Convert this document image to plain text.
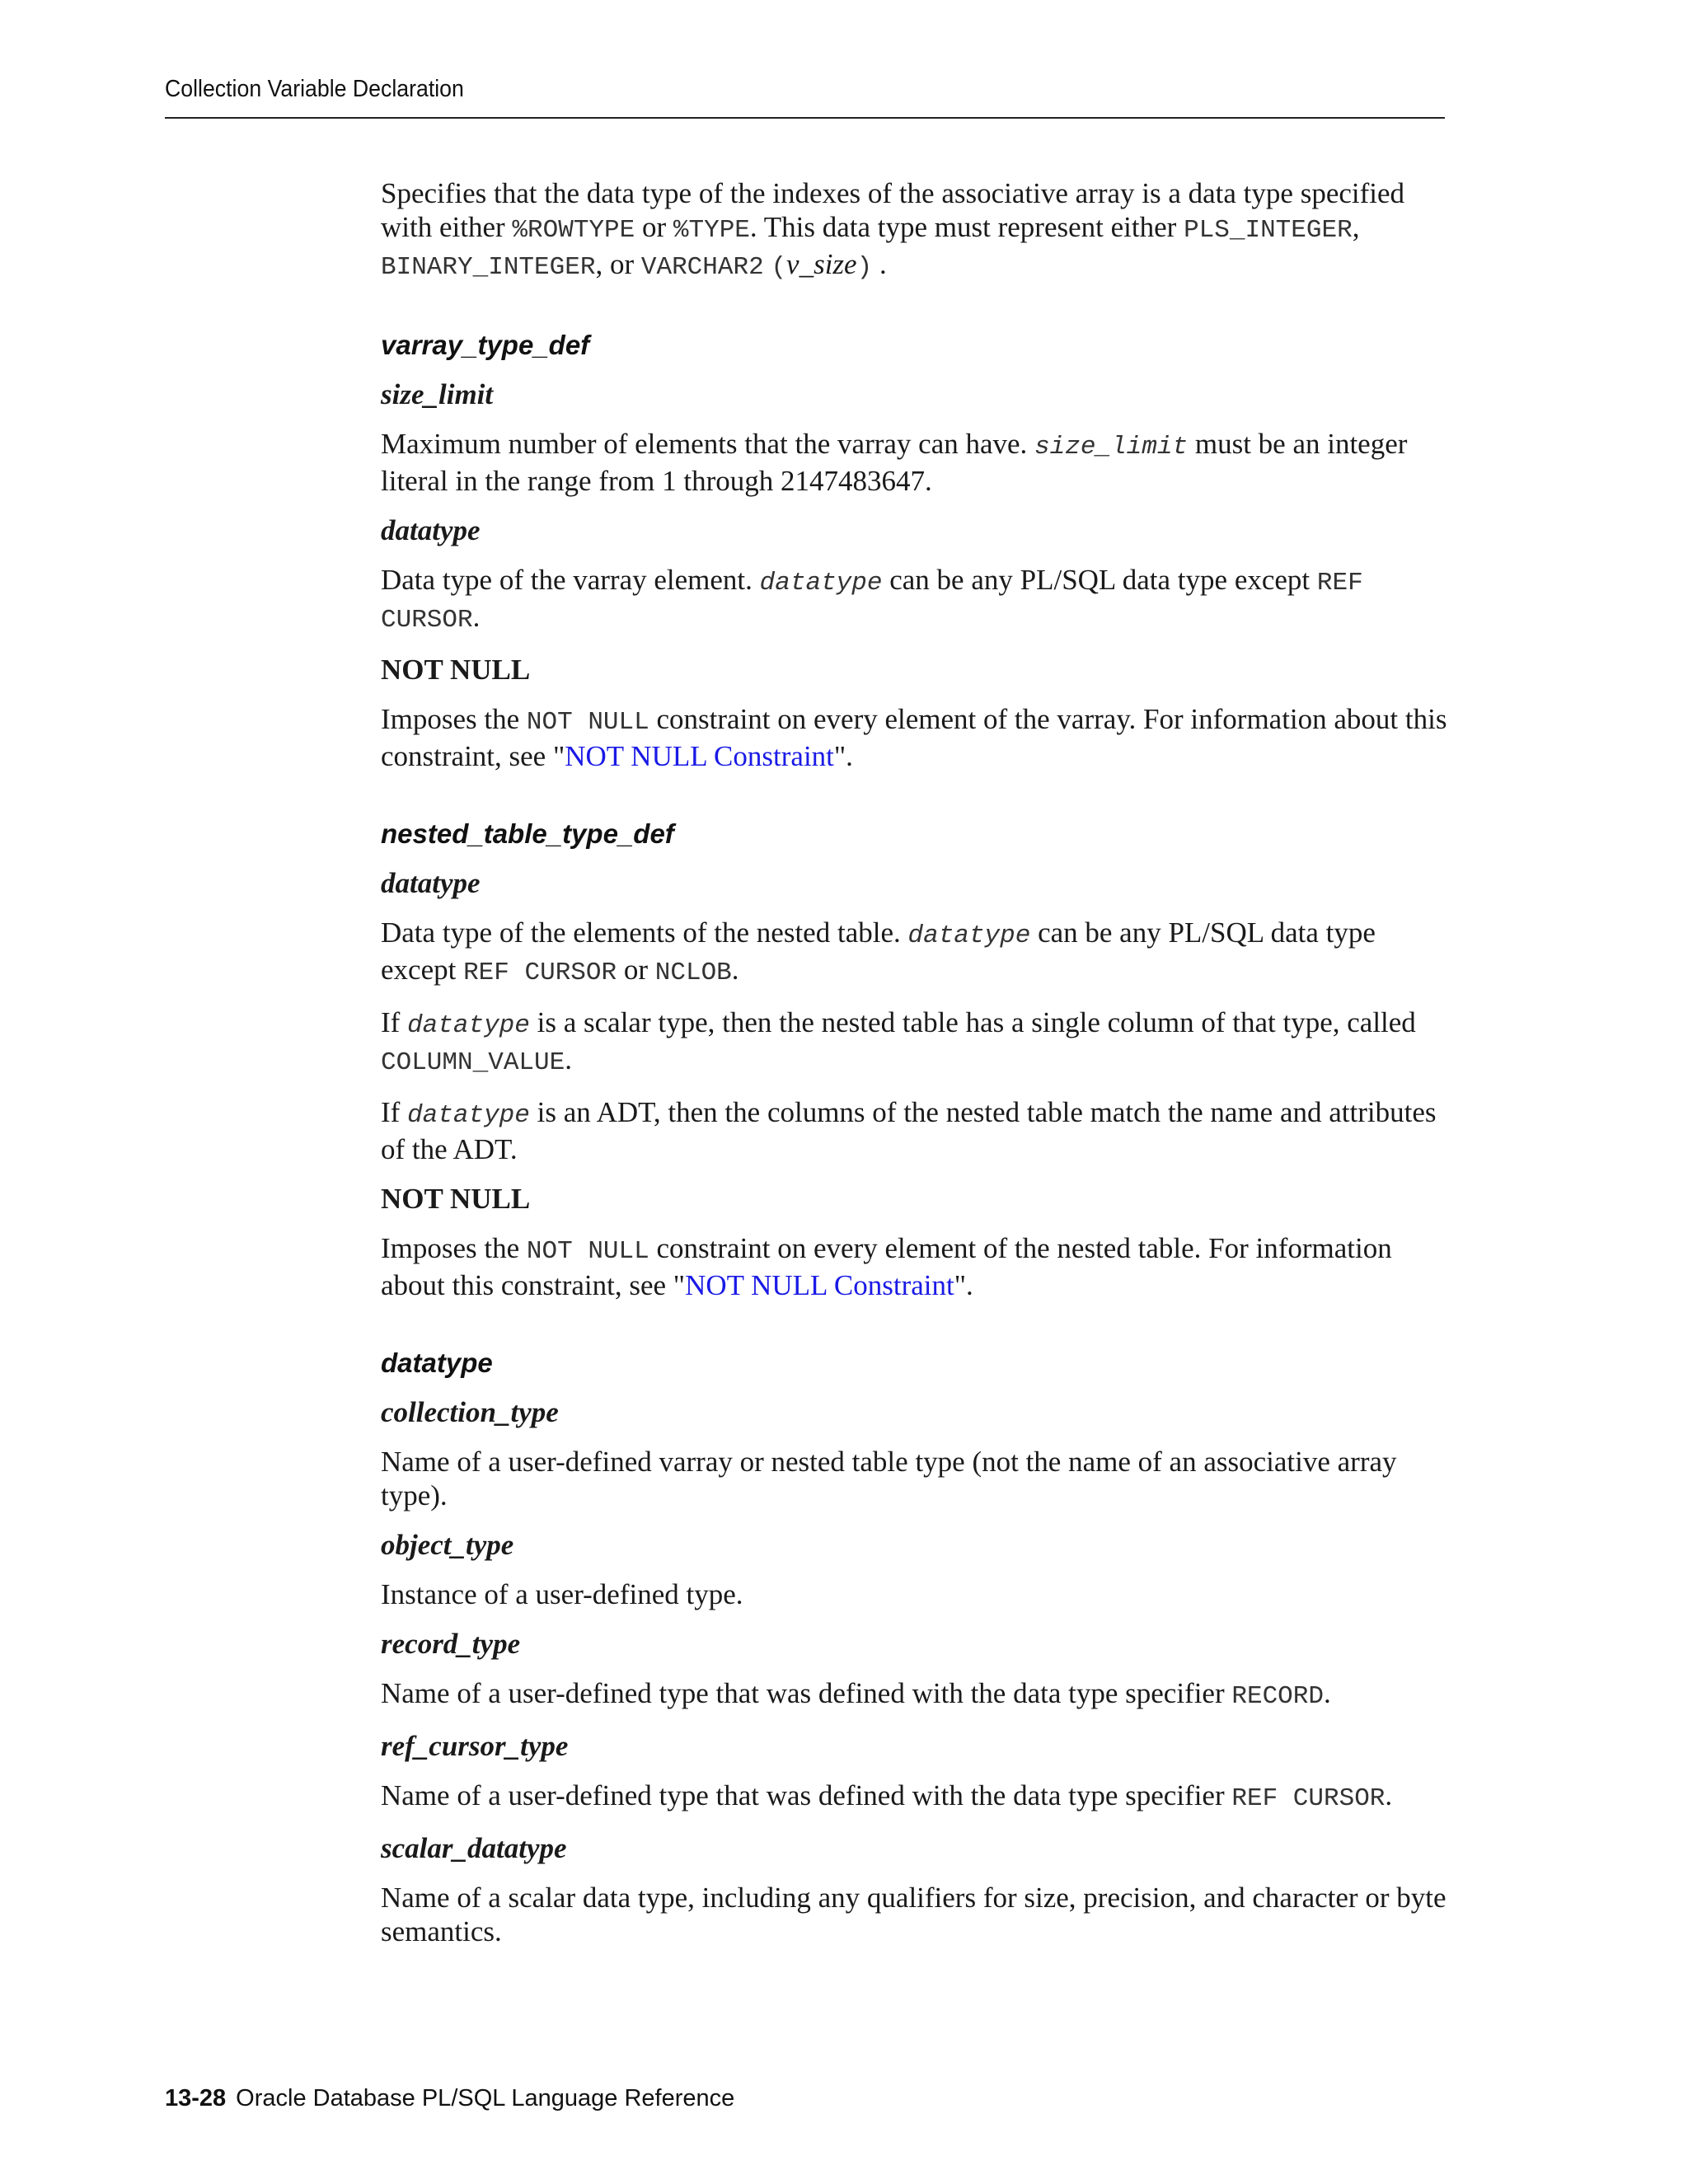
Collection Variable Declaration

Specifies that the data type of the indexes of the associative array is a data type specified with either %ROWTYPE or %TYPE. This data type must represent either PLS_INTEGER, BINARY_INTEGER, or VARCHAR2 (v_size) .

varray_type_def
size_limit

Maximum number of elements that the varray can have. size_limit must be an integer literal in the range from 1 through 2147483647.

datatype

Data type of the varray element. datatype can be any PL/SQL data type except REF CURSOR.

NOT NULL

Imposes the NOT NULL constraint on every element of the varray. For information about this constraint, see "NOT NULL Constraint".

nested_table_type_def
datatype

Data type of the elements of the nested table. datatype can be any PL/SQL data type except REF CURSOR or NCLOB.

If datatype is a scalar type, then the nested table has a single column of that type, called COLUMN_VALUE.

If datatype is an ADT, then the columns of the nested table match the name and attributes of the ADT.

NOT NULL

Imposes the NOT NULL constraint on every element of the nested table. For information about this constraint, see "NOT NULL Constraint".

datatype
collection_type

Name of a user-defined varray or nested table type (not the name of an associative array type).

object_type

Instance of a user-defined type.

record_type

Name of a user-defined type that was defined with the data type specifier RECORD.

ref_cursor_type

Name of a user-defined type that was defined with the data type specifier REF CURSOR.

scalar_datatype

Name of a scalar data type, including any qualifiers for size, precision, and character or byte semantics.

13-28 Oracle Database PL/SQL Language Reference
